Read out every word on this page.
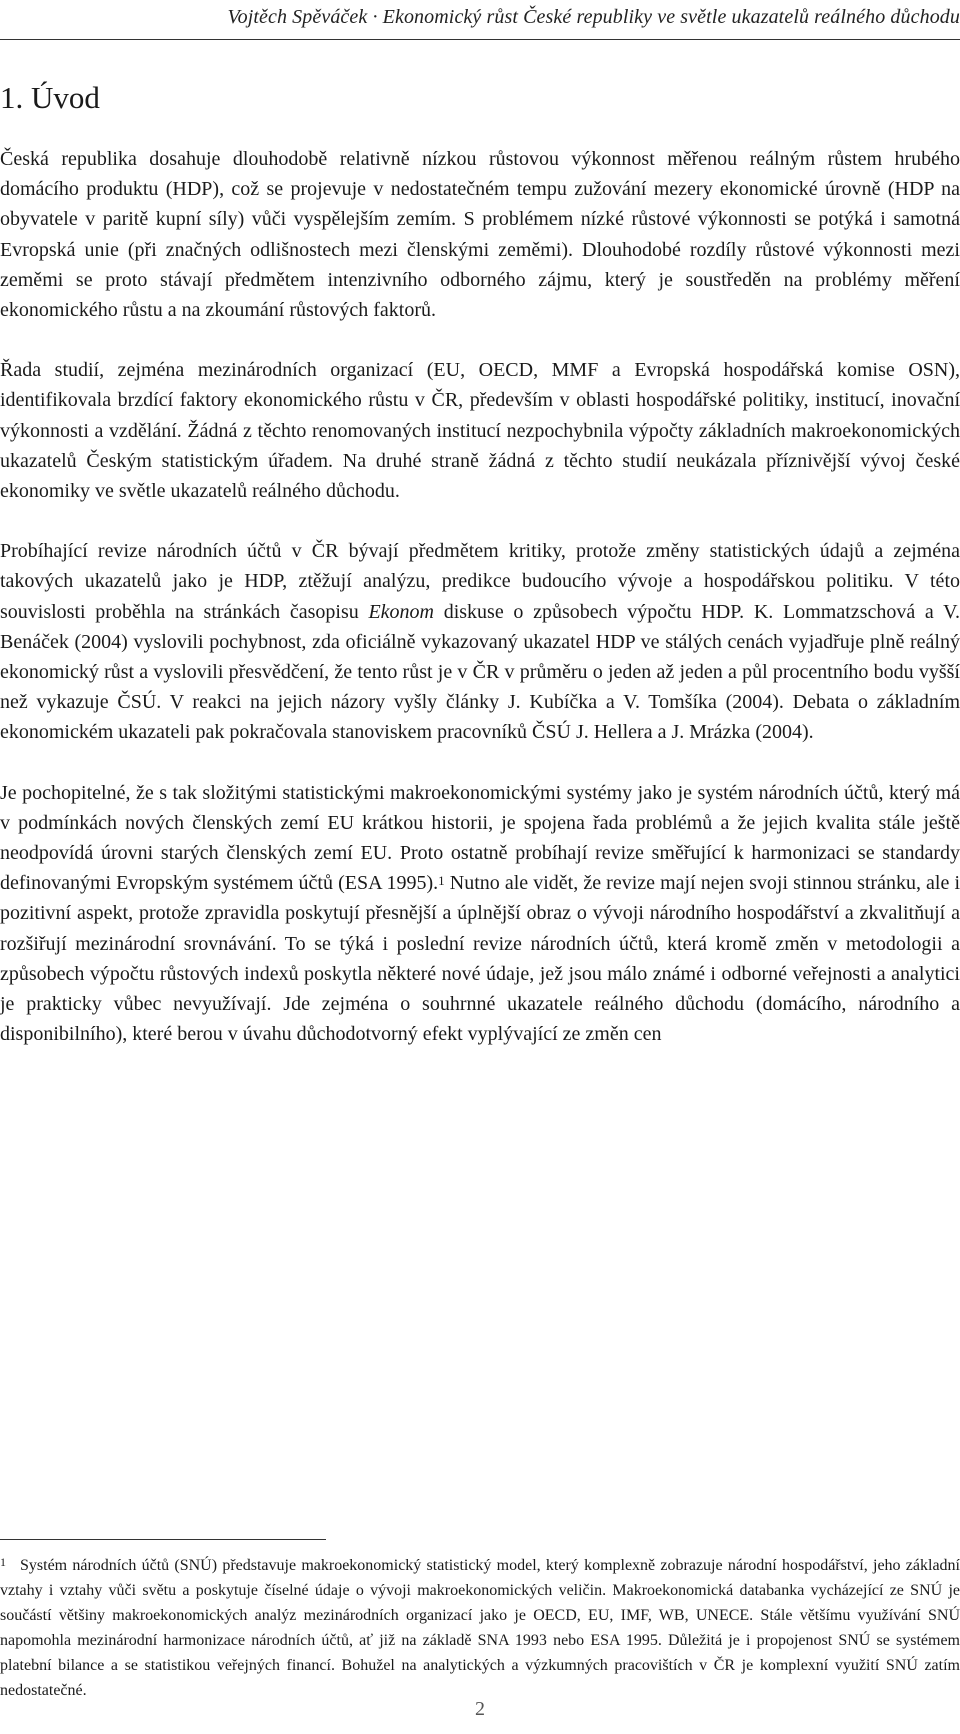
Vojtěch Spěváček · Ekonomický růst České republiky ve světle ukazatelů reálného důchodu
1. Úvod

Česká republika dosahuje dlouhodobě relativně nízkou růstovou výkonnost měřenou reálným růstem hrubého domácího produktu (HDP), což se projevuje v nedostatečném tempu zužování mezery ekonomické úrovně (HDP na obyvatele v paritě kupní síly) vůči vyspělejším zemím. S problémem nízké růstové výkonnosti se potýká i samotná Evropská unie (při značných odlišnostech mezi členskými zeměmi). Dlouhodobé rozdíly růstové výkonnosti mezi zeměmi se proto stávají předmětem intenzivního odborného zájmu, který je soustředěn na problémy měření ekonomického růstu a na zkoumání růstových faktorů.

Řada studií, zejména mezinárodních organizací (EU, OECD, MMF a Evropská hospodářská komise OSN), identifikovala brzdící faktory ekonomického růstu v ČR, především v oblasti hospodářské politiky, institucí, inovační výkonnosti a vzdělání. Žádná z těchto renomovaných institucí nezpochybnila výpočty základních makroekonomických ukazatelů Českým statistickým úřadem. Na druhé straně žádná z těchto studií neukázala příznivější vývoj české ekonomiky ve světle ukazatelů reálného důchodu.

Probíhající revize národních účtů v ČR bývají předmětem kritiky, protože změny statistických údajů a zejména takových ukazatelů jako je HDP, ztěžují analýzu, predikce budoucího vývoje a hospodářskou politiku. V této souvislosti proběhla na stránkách časopisu Ekonom diskuse o způsobech výpočtu HDP. K. Lommatzschová a V. Benáček (2004) vyslovili pochybnost, zda oficiálně vykazovaný ukazatel HDP ve stálých cenách vyjadřuje plně reálný ekonomický růst a vyslovili přesvědčení, že tento růst je v ČR v průměru o jeden až jeden a půl procentního bodu vyšší než vykazuje ČSÚ. V reakci na jejich názory vyšly články J. Kubíčka a V. Tomšíka (2004). Debata o základním ekonomickém ukazateli pak pokračovala stanoviskem pracovníků ČSÚ J. Hellera a J. Mrázka (2004).

Je pochopitelné, že s tak složitými statistickými makroekonomickými systémy jako je systém národních účtů, který má v podmínkách nových členských zemí EU krátkou historii, je spojena řada problémů a že jejich kvalita stále ještě neodpovídá úrovni starých členských zemí EU. Proto ostatně probíhají revize směřující k harmonizaci se standardy definovanými Evropským systémem účtů (ESA 1995).$^1$ Nutno ale vidět, že revize mají nejen svoji stinnou stránku, ale i pozitivní aspekt, protože zpravidla poskytují přesnější a úplnější obraz o vývoji národního hospodářství a zkvalitňují a rozšiřují mezinárodní srovnávání. To se týká i poslední revize národních účtů, která kromě změn v metodologii a způsobech výpočtu růstových indexů poskytla některé nové údaje, jež jsou málo známé i odborné veřejnosti a analytici je prakticky vůbec nevyužívají. Jde zejména o souhrnné ukazatele reálného důchodu (domácího, národního a disponibilního), které berou v úvahu důchodotvorný efekt vyplývající ze změn cen

$^1$ Systém národních účtů (SNÚ) představuje makroekonomický statistický model, který komplexně zobrazuje národní hospodářství, jeho základní vztahy i vztahy vůči světu a poskytuje číselné údaje o vývoji makroekonomických veličin. Makroekonomická databanka vycházející ze SNÚ je součástí většiny makroekonomických analýz mezinárodních organizací jako je OECD, EU, IMF, WB, UNECE. Stále většímu využívání SNÚ napomohla mezinárodní harmonizace národních účtů, ať již na základě SNA 1993 nebo ESA 1995. Důležitá je i propojenost SNÚ se systémem platební bilance a se statistikou veřejných financí. Bohužel na analytických a výzkumných pracovištích v ČR je komplexní využití SNÚ zatím nedostatečné.

2
